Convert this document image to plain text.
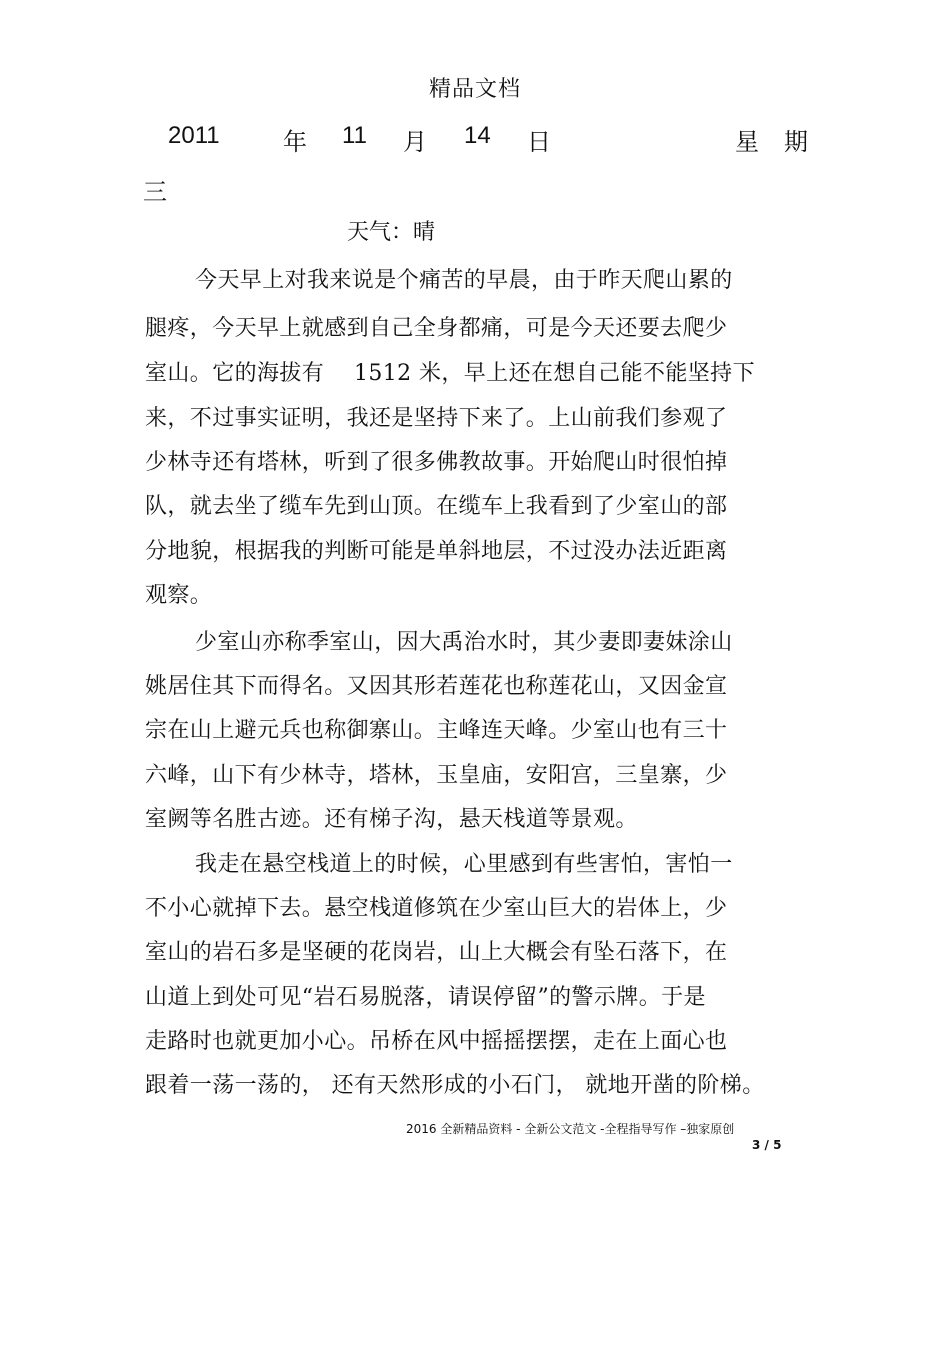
精品文档
2011	年 11 月 14 日	星 期
三
天气：晴
今天早上对我来说是个痛苦的早晨，由于昨天爬山累的
腿疼，今天早上就感到自己全身都痛，可是今天还要去爬少
室山。它的海拔有　 1512 米，早上还在想自己能不能坚持下
来，不过事实证明，我还是坚持下来了。上山前我们参观了
少林寺还有塔林，听到了很多佛教故事。开始爬山时很怕掉
队，就去坐了缆车先到山顶。在缆车上我看到了少室山的部
分地貌，根据我的判断可能是单斜地层，不过没办法近距离
观察。
少室山亦称季室山，因大禹治水时，其少妻即妻妹涂山
姚居住其下而得名。又因其形若莲花也称莲花山，又因金宣
宗在山上避元兵也称御寨山。主峰连天峰。少室山也有三十
六峰，山下有少林寺，塔林，玉皇庙，安阳宫，三皇寨，少
室阙等名胜古迹。还有梯子沟，悬天栈道等景观。
我走在悬空栈道上的时候，心里感到有些害怕，害怕一
不小心就掉下去。悬空栈道修筑在少室山巨大的岩体上，少
室山的岩石多是坚硬的花岗岩，山上大概会有坠石落下，在
山道上到处可见“岩石易脱落，请误停留”的警示牌。于是
走路时也就更加小心。吊桥在风中摇摇摆摆，走在上面心也
跟着一荡一荡的， 还有天然形成的小石门， 就地开凿的阶梯。
2016 全新精品资料 - 全新公文范文 -全程指导写作 –独家原创
3 / 5
